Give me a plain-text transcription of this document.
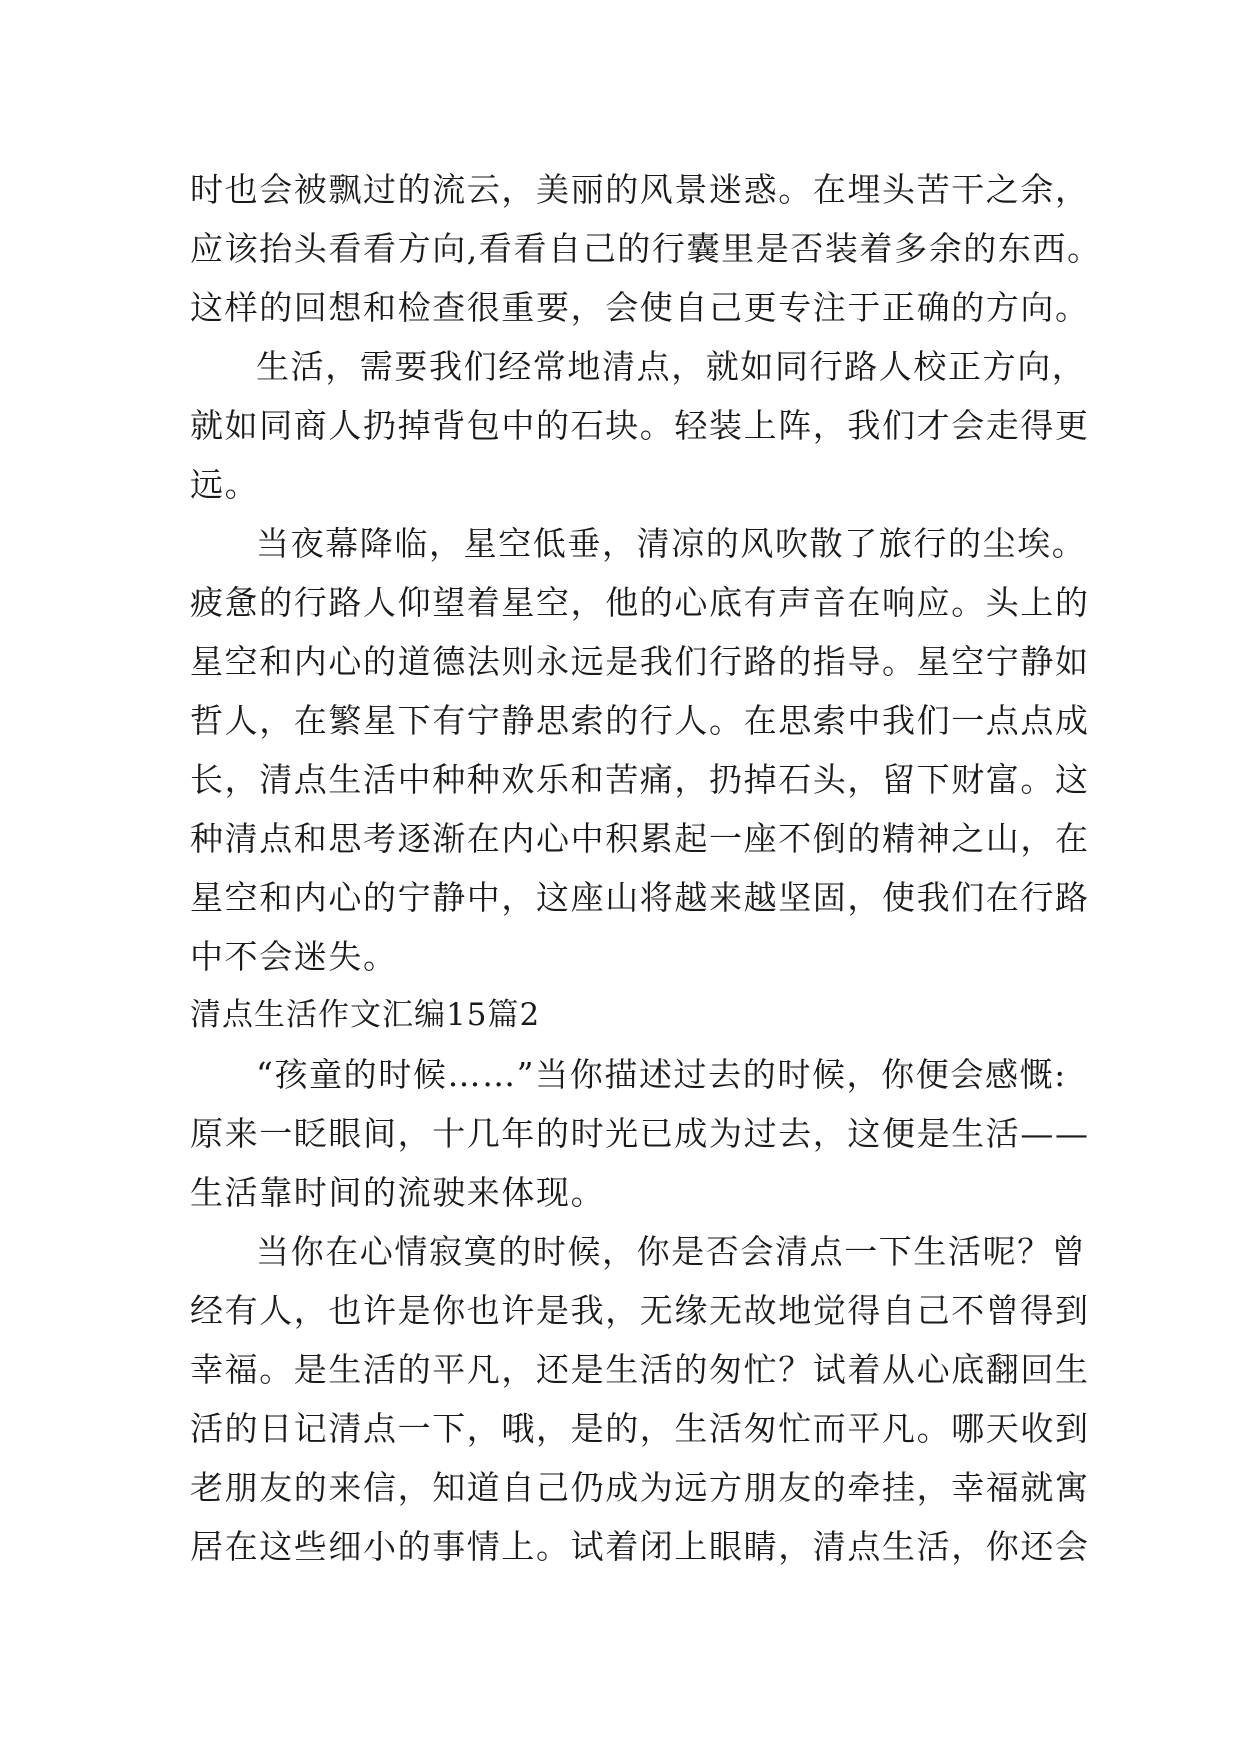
时也会被飘过的流云，美丽的风景迷惑。在埋头苦干之余，
应该抬头看看方向,看看自己的行囊里是否装着多余的东西。
这样的回想和检查很重要，会使自己更专注于正确的方向。
生活，需要我们经常地清点，就如同行路人校正方向，
就如同商人扔掉背包中的石块。轻装上阵，我们才会走得更
远。
当夜幕降临，星空低垂，清凉的风吹散了旅行的尘埃。
疲惫的行路人仰望着星空，他的心底有声音在响应。头上的
星空和内心的道德法则永远是我们行路的指导。星空宁静如
哲人，在繁星下有宁静思索的行人。在思索中我们一点点成
长，清点生活中种种欢乐和苦痛，扔掉石头，留下财富。这
种清点和思考逐渐在内心中积累起一座不倒的精神之山，在
星空和内心的宁静中，这座山将越来越坚固，使我们在行路
中不会迷失。
清点生活作文汇编15篇2
“孩童的时候……”当你描述过去的时候，你便会感慨:
原来一眨眼间，十几年的时光已成为过去，这便是生活——
生活靠时间的流驶来体现。
当你在心情寂寞的时候，你是否会清点一下生活呢？曾
经有人，也许是你也许是我，无缘无故地觉得自己不曾得到
幸福。是生活的平凡，还是生活的匆忙？试着从心底翻回生
活的日记清点一下，哦，是的，生活匆忙而平凡。哪天收到
老朋友的来信，知道自己仍成为远方朋友的牵挂，幸福就寓
居在这些细小的事情上。试着闭上眼睛，清点生活，你还会
